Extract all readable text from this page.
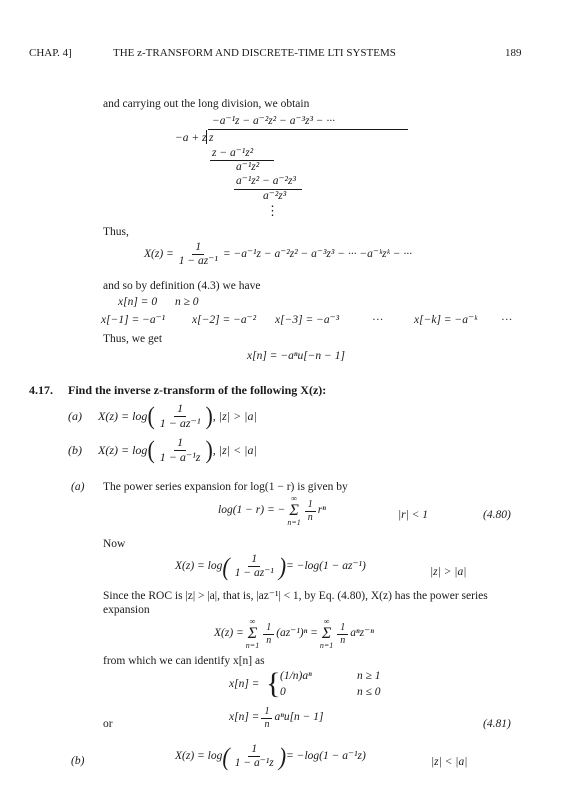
CHAP. 4]	THE z-TRANSFORM AND DISCRETE-TIME LTI SYSTEMS	189
and carrying out the long division, we obtain
−a⁻¹z − a⁻²z² − a⁻³z³ − ···
−a + z z
z − a⁻¹z²
a⁻¹z²
a⁻¹z² − a⁻²z³
a⁻²z³
⋮
Thus,
$X(z) = \frac{1}{\text{1 − az⁻¹}} = -a^{-1}z - a^{-2}z^2 - a^{-3}z^3$ − ··· −a⁻ᵏzᵏ − ···
and so by definition (4.3) we have
x[n] = 0 n ≥ 0
x[−1] = −a⁻¹ x[−2] = −a⁻² x[−3] = −a⁻³	···	x[−k] = −a⁻ᵏ ···
Thus, we get
x[n] = −aⁿu[−n − 1]
4.17. Find the inverse z-transform of the following X(z):
(a)	X(z) = log ( $\frac{1}{\text{1 − az⁻¹}}$ ) , |z| > |a|
(b)	X(z) = log ( $\frac{1}{\text{1 − a⁻¹z}}$ ) , |z| < |a|
(a) The power series expansion for log(1 − r) is given by
log(1 − r) = −
∞
Σ
$n=1 \frac{1}{n}$ rⁿ	|r| < 1	(4.80)
Now
X(z) = log ( $\frac{1}{\text{1 − az⁻¹}}$ ) = −log(1 − az⁻¹)
|z| > |a|
Since the ROC is |z| > |a|, that is, |az⁻¹| < 1, by Eq. (4.80), X(z) has the power series
expansion
X(z) =
∞
Σ
$n=1 \frac{1}{n} (az^{-1})^n$ =
∞
Σ
$n=1 \frac{1}{n} a^nz^{-n}$
from which we can identify x[n] as
x[n] = { (1/n)aⁿ	n ≥ 1
0	n ≤ 0
or
$x[n] = \frac{1}{n} a^nu[n - 1]$
(4.81)
(b)	X(z) = log ( $\frac{1}{\text{1 − a⁻¹z}}$ ) = −log(1 − a⁻¹z)
|z| < |a|
